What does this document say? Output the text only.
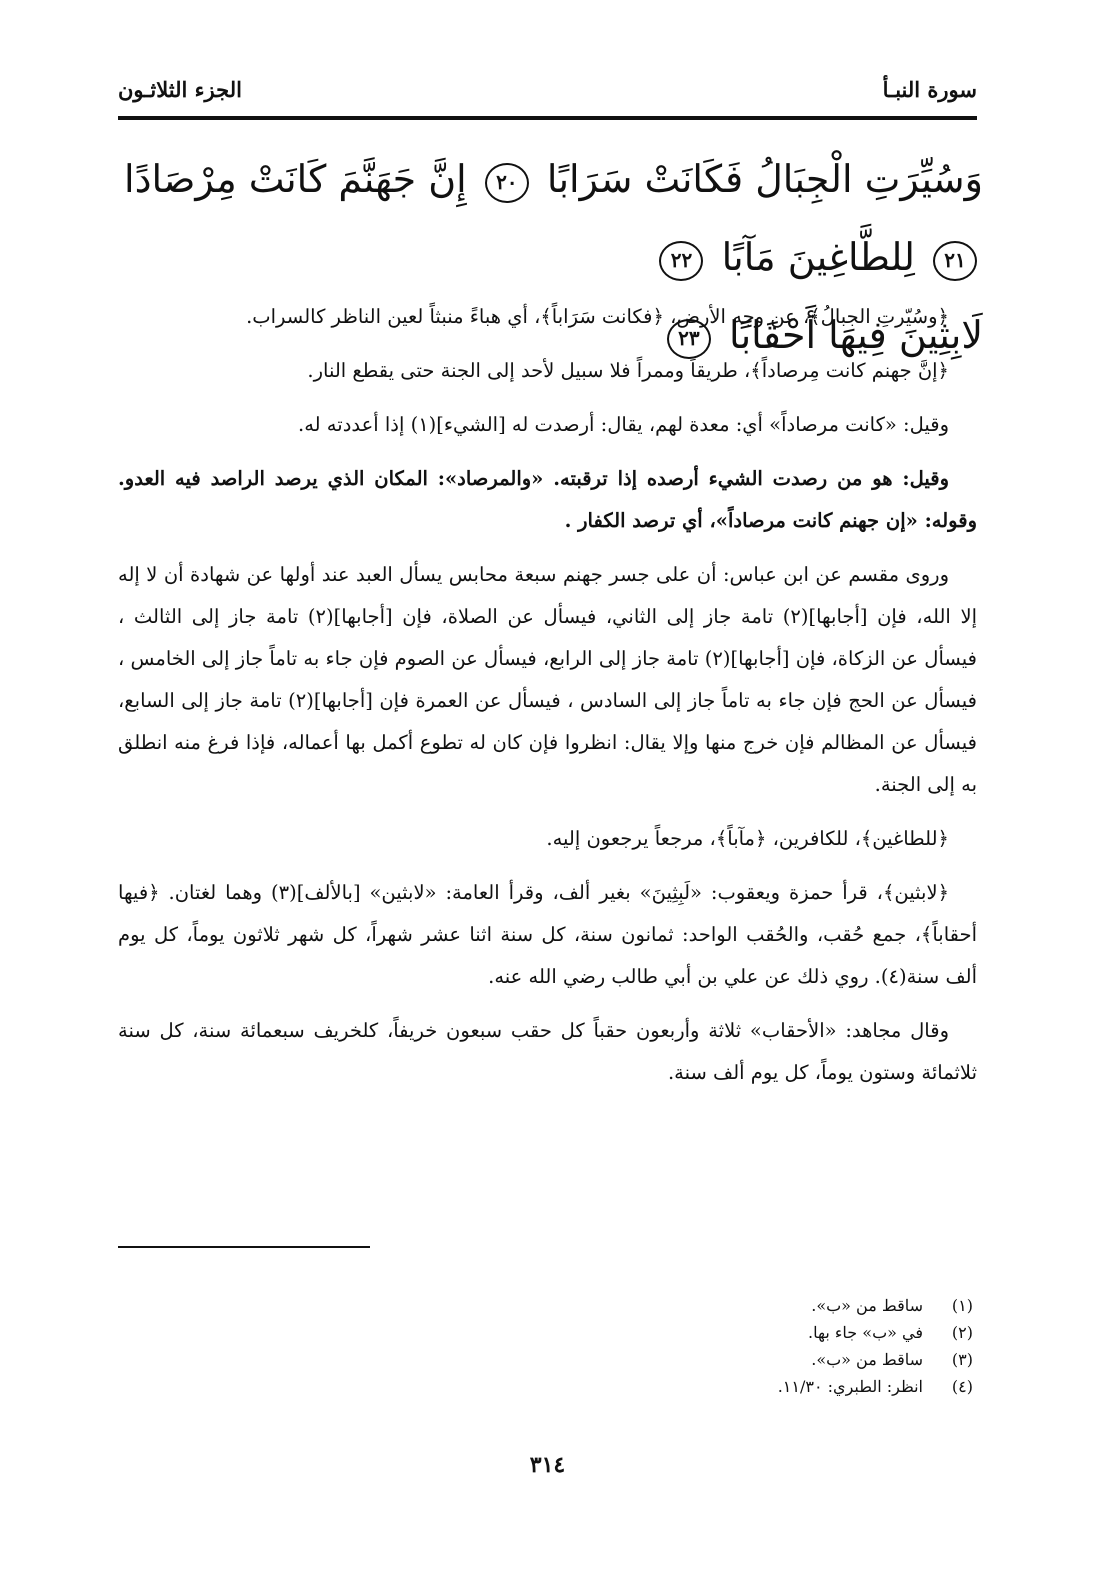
سورة النبـأ
الجزء الثلاثـون
وَسُيِّرَتِ الْجِبَالُ فَكَانَتْ سَرَابًا ٢٠ إِنَّ جَهَنَّمَ كَانَتْ مِرْصَادًا ٢١ لِلطَّاغِينَ مَآبًا ٢٢
لَابِثِينَ فِيهَا أَحْقَابًا ٢٣

﴿وسُيّرتِ الجبالُ﴾، عن وجه الأرض، ﴿فكانت سَرَاباً﴾، أي هباءً منبثاً لعين الناظر كالسراب.

﴿إنَّ جهنم كانت مِرصاداً﴾، طريقاً وممراً فلا سبيل لأحد إلى الجنة حتى يقطع النار.

وقيل: «كانت مرصاداً» أي: معدة لهم، يقال: أرصدت له [الشيء](١) إذا أعددته له.

وقيل: هو من رصدت الشيء أرصده إذا ترقبته. «والمرصاد»: المكان الذي يرصد الراصد فيه العدو. وقوله: «إن جهنم كانت مرصاداً»، أي ترصد الكفار .

وروى مقسم عن ابن عباس: أن على جسر جهنم سبعة محابس يسأل العبد عند أولها عن شهادة أن لا إله إلا الله، فإن [أجابها](٢) تامة جاز إلى الثاني، فيسأل عن الصلاة، فإن [أجابها](٢) تامة جاز إلى الثالث ، فيسأل عن الزكاة، فإن [أجابها](٢) تامة جاز إلى الرابع، فيسأل عن الصوم فإن جاء به تاماً جاز إلى الخامس ، فيسأل عن الحج فإن جاء به تاماً جاز إلى السادس ، فيسأل عن العمرة فإن [أجابها](٢) تامة جاز إلى السابع، فيسأل عن المظالم فإن خرج منها وإلا يقال: انظروا فإن كان له تطوع أكمل بها أعماله، فإذا فرغ منه انطلق به إلى الجنة.

﴿للطاغين﴾، للكافرين، ﴿مآباً﴾، مرجعاً يرجعون إليه.

﴿لابثين﴾، قرأ حمزة ويعقوب: «لَبِثِينَ» بغير ألف، وقرأ العامة: «لابثين» [بالألف](٣) وهما لغتان. ﴿فيها أحقاباً﴾، جمع حُقب، والحُقب الواحد: ثمانون سنة، كل سنة اثنا عشر شهراً، كل شهر ثلاثون يوماً، كل يوم ألف سنة(٤). روي ذلك عن علي بن أبي طالب رضي الله عنه.

وقال مجاهد: «الأحقاب» ثلاثة وأربعون حقباً كل حقب سبعون خريفاً، كلخريف سبعمائة سنة، كل سنة ثلاثمائة وستون يوماً، كل يوم ألف سنة.

(١)
ساقط من «ب».
(٢)
في «ب» جاء بها.
(٣)
ساقط من «ب».
(٤)
انظر: الطبري: ١١/٣٠.
٣١٤
